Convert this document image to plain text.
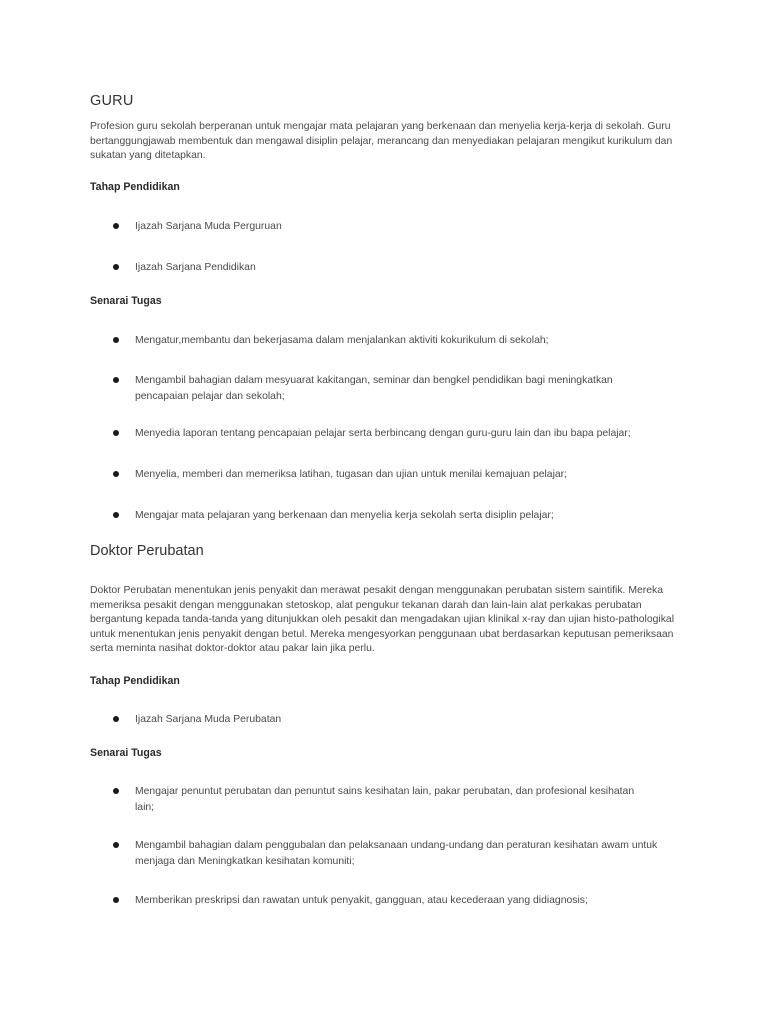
GURU

Profesion guru sekolah berperanan untuk mengajar mata pelajaran yang berkenaan dan menyelia kerja-kerja di sekolah. Guru bertanggungjawab membentuk dan mengawal disiplin pelajar, merancang dan menyediakan pelajaran mengikut kurikulum dan sukatan yang ditetapkan.

Tahap Pendidikan
Ijazah Sarjana Muda Perguruan
Ijazah Sarjana Pendidikan
Senarai Tugas
Mengatur,membantu dan bekerjasama dalam menjalankan aktiviti kokurikulum di sekolah;
Mengambil bahagian dalam mesyuarat kakitangan, seminar dan bengkel pendidikan bagi meningkatkan pencapaian pelajar dan sekolah;
Menyedia laporan tentang pencapaian pelajar serta berbincang dengan guru-guru lain dan ibu bapa pelajar;
Menyelia, memberi dan memeriksa latihan, tugasan dan ujian untuk menilai kemajuan pelajar;
Mengajar mata pelajaran yang berkenaan dan menyelia kerja sekolah serta disiplin pelajar;
Doktor Perubatan

Doktor Perubatan menentukan jenis penyakit dan merawat pesakit dengan menggunakan perubatan sistem saintifik. Mereka memeriksa pesakit dengan menggunakan stetoskop, alat pengukur tekanan darah dan lain-lain alat perkakas perubatan bergantung kepada tanda-tanda yang ditunjukkan oleh pesakit dan mengadakan ujian klinikal x-ray dan ujian histo-pathologikal untuk menentukan jenis penyakit dengan betul. Mereka mengesyorkan penggunaan ubat berdasarkan keputusan pemeriksaan serta meminta nasihat doktor-doktor atau pakar lain jika perlu.

Tahap Pendidikan
Ijazah Sarjana Muda Perubatan
Senarai Tugas
Mengajar penuntut perubatan dan penuntut sains kesihatan lain, pakar perubatan, dan profesional kesihatan lain;
Mengambil bahagian dalam penggubalan dan pelaksanaan undang-undang dan peraturan kesihatan awam untuk menjaga dan Meningkatkan kesihatan komuniti;
Memberikan preskripsi dan rawatan untuk penyakit, gangguan, atau kecederaan yang didiagnosis;
